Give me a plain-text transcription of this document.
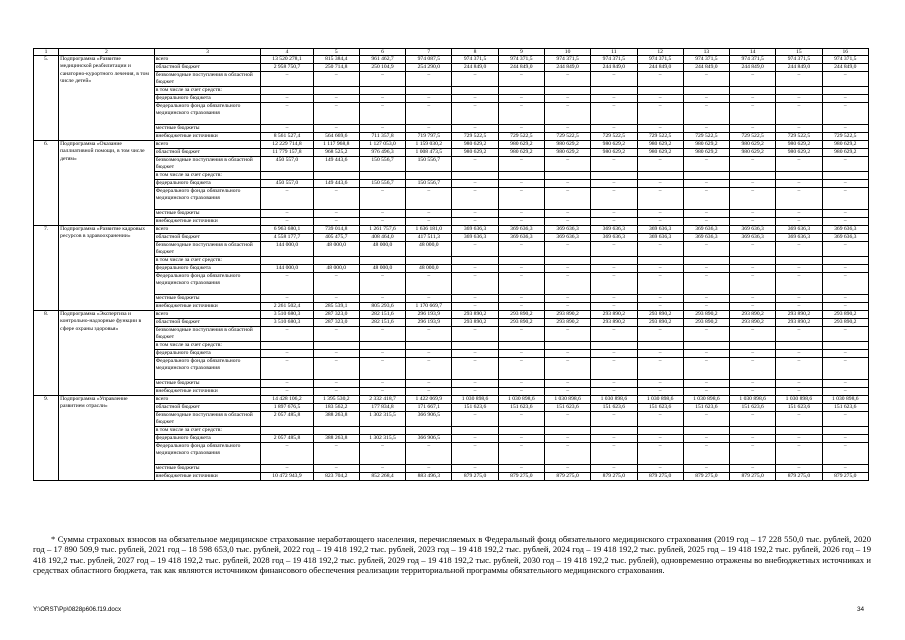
1	2	3	4	5	6	7	8	9	10	11	12	13	14	15	16
5.	Подпрограмма «Развитие медицинской реабилитации и санаторно-курортного лечения, в том числе детей»	всего	13 520 278,1	815 384,4	961 462,7	974 087,5	974 371,5	974 371,5	974 371,5	974 371,5	974 371,5	974 371,5	974 371,5	974 371,5	974 371,5
		областной бюджет	2 958 750,7	250 714,8	250 104,9	254 290,0	244 849,0	244 849,0	244 849,0	244 849,0	244 849,0	244 849,0	244 849,0	244 849,0	244 849,0
		безвозмездные поступления в областной бюджет	–	–	–	–	–	–	–	–	–	–	–	–	–
		в том числе за счет средств:													
		федерального бюджета	–	–	–	–	–	–	–	–	–	–	–	–	–
		Федерального фонда обязательного медицинского страхования	–	–	–	–	–	–	–	–	–	–	–	–	–
		местные бюджеты	–	–	–	–	–	–	–	–	–	–	–	–	–
		внебюджетные источники	8 561 527,4	564 669,6	711 357,8	719 797,5	729 522,5	729 522,5	729 522,5	729 522,5	729 522,5	729 522,5	729 522,5	729 522,5	729 522,5
6.	Подпрограмма «Оказание паллиативной помощи, в том числе детям»	всего	12 229 714,8	1 117 968,8	1 127 053,0	1 159 030,2	980 629,2	980 629,2	980 629,2	980 629,2	980 629,2	980 629,2	980 629,2	980 629,2	980 629,2
		областной бюджет	11 779 157,8	968 525,2	976 496,3	1 008 473,5	980 629,2	980 629,2	980 629,2	980 629,2	980 629,2	980 629,2	980 629,2	980 629,2	980 629,2
		безвозмездные поступления в областной бюджет	450 557,0	149 443,6	150 556,7	150 556,7	–	–	–	–	–	–	–	–	–
		в том числе за счет средств:													
		федерального бюджета	450 557,0	149 443,6	150 556,7	150 556,7	–	–	–	–	–	–	–	–	–
		Федерального фонда обязательного медицинского страхования	–	–	–	–	–	–	–	–	–	–	–	–	–
		местные бюджеты	–	–	–	–	–	–	–	–	–	–	–	–	–
		внебюджетные источники	–	–	–	–	–	–	–	–	–	–	–	–	–
7.	Подпрограмма «Развитие кадровых ресурсов в здравоохранении»	всего	6 963 680,1	739 014,8	1 261 757,6	1 636 181,0	369 636,3	369 636,3	369 636,3	369 636,3	369 636,3	369 636,3	369 636,3	369 636,3	369 636,3
		областной бюджет	4 558 177,7	405 475,7	408 464,0	417 511,3	369 636,3	369 636,3	369 636,3	369 636,3	369 636,3	369 636,3	369 636,3	369 636,3	369 636,3
		безвозмездные поступления в областной бюджет	144 000,0	48 000,0	48 000,0	48 000,0	–	–	–	–	–	–	–	–	–
		в том числе за счет средств:													
		федерального бюджета	144 000,0	48 000,0	48 000,0	48 000,0	–	–	–	–	–	–	–	–	–
		Федерального фонда обязательного медицинского страхования	–	–	–	–	–	–	–	–	–	–	–	–	–
		местные бюджеты	–	–	–	–	–	–	–	–	–	–	–	–	–
		внебюджетные источники	2 261 502,4	285 539,1	805 293,6	1 170 669,7	–	–	–	–	–	–	–	–	–
8.	Подпрограмма «Экспертиза и контрольно-надзорные функции в сфере охраны здоровья»	всего	3 510 680,3	287 323,0	282 151,6	296 193,9	293 890,2	293 890,2	293 890,2	293 890,2	293 890,2	293 890,2	293 890,2	293 890,2	293 890,2
		областной бюджет	3 510 680,3	287 323,0	282 151,6	296 193,9	293 890,2	293 890,2	293 890,2	293 890,2	293 890,2	293 890,2	293 890,2	293 890,2	293 890,2
		безвозмездные поступления в областной бюджет	–	–	–	–	–	–	–	–	–	–	–	–	–
		в том числе за счет средств:													
		федерального бюджета	–	–	–	–	–	–	–	–	–	–	–	–	–
		Федерального фонда обязательного медицинского страхования	–	–	–	–	–	–	–	–	–	–	–	–	–
		местные бюджеты	–	–	–	–	–	–	–	–	–	–	–	–	–
		внебюджетные источники	–	–	–	–	–	–	–	–	–	–	–	–	–
9.	Подпрограмма «Управление развитием отрасли»	всего	14 428 106,2	1 395 530,2	2 332 418,7	1 422 069,9	1 030 898,6	1 030 898,6	1 030 898,6	1 030 898,6	1 030 898,6	1 030 898,6	1 030 898,6	1 030 898,6	1 030 898,6
		областной бюджет	1 897 676,5	183 562,2	177 834,8	171 667,1	151 623,6	151 623,6	151 623,6	151 623,6	151 623,6	151 623,6	151 623,6	151 623,6	151 623,6
		безвозмездные поступления в областной бюджет	2 057 485,8	388 263,8	1 302 315,5	366 906,5	–	–	–	–	–	–	–	–	–
		в том числе за счет средств:													
		федерального бюджета	2 057 485,8	388 263,8	1 302 315,5	366 906,5	–	–	–	–	–	–	–	–	–
		Федерального фонда обязательного медицинского страхования	–	–	–	–	–	–	–	–	–	–	–	–	–
		местные бюджеты	–	–	–	–	–	–	–	–	–	–	–	–	–
		внебюджетные источники	10 472 943,9	823 704,2	852 268,4	883 496,3	879 275,0	879 275,0	879 275,0	879 275,0	879 275,0	879 275,0	879 275,0	879 275,0	879 275,0
* Суммы страховых взносов на обязательное медицинское страхование неработающего населения, перечисляемых в Федеральный фонд обязательного медицинского страхования (2019 год – 17 228 550,0 тыс. рублей, 2020 год – 17 890 509,9 тыс. рублей, 2021 год – 18 598 653,0 тыс. рублей, 2022 год – 19 418 192,2 тыс. рублей, 2023 год – 19 418 192,2 тыс. рублей, 2024 год – 19 418 192,2 тыс. рублей, 2025 год – 19 418 192,2 тыс. рублей, 2026 год – 19 418 192,2 тыс. рублей, 2027 год – 19 418 192,2 тыс. рублей, 2028 год – 19 418 192,2 тыс. рублей, 2029 год – 19 418 192,2 тыс. рублей, 2030 год – 19 418 192,2 тыс. рублей), одновременно отражены во внебюджетных источниках и средствах областного бюджета, так как являются источником финансового обеспечения реализации территориальной программы обязательного медицинского страхования.
Y:\ORST\Pp\0828p606.f19.docx	34
